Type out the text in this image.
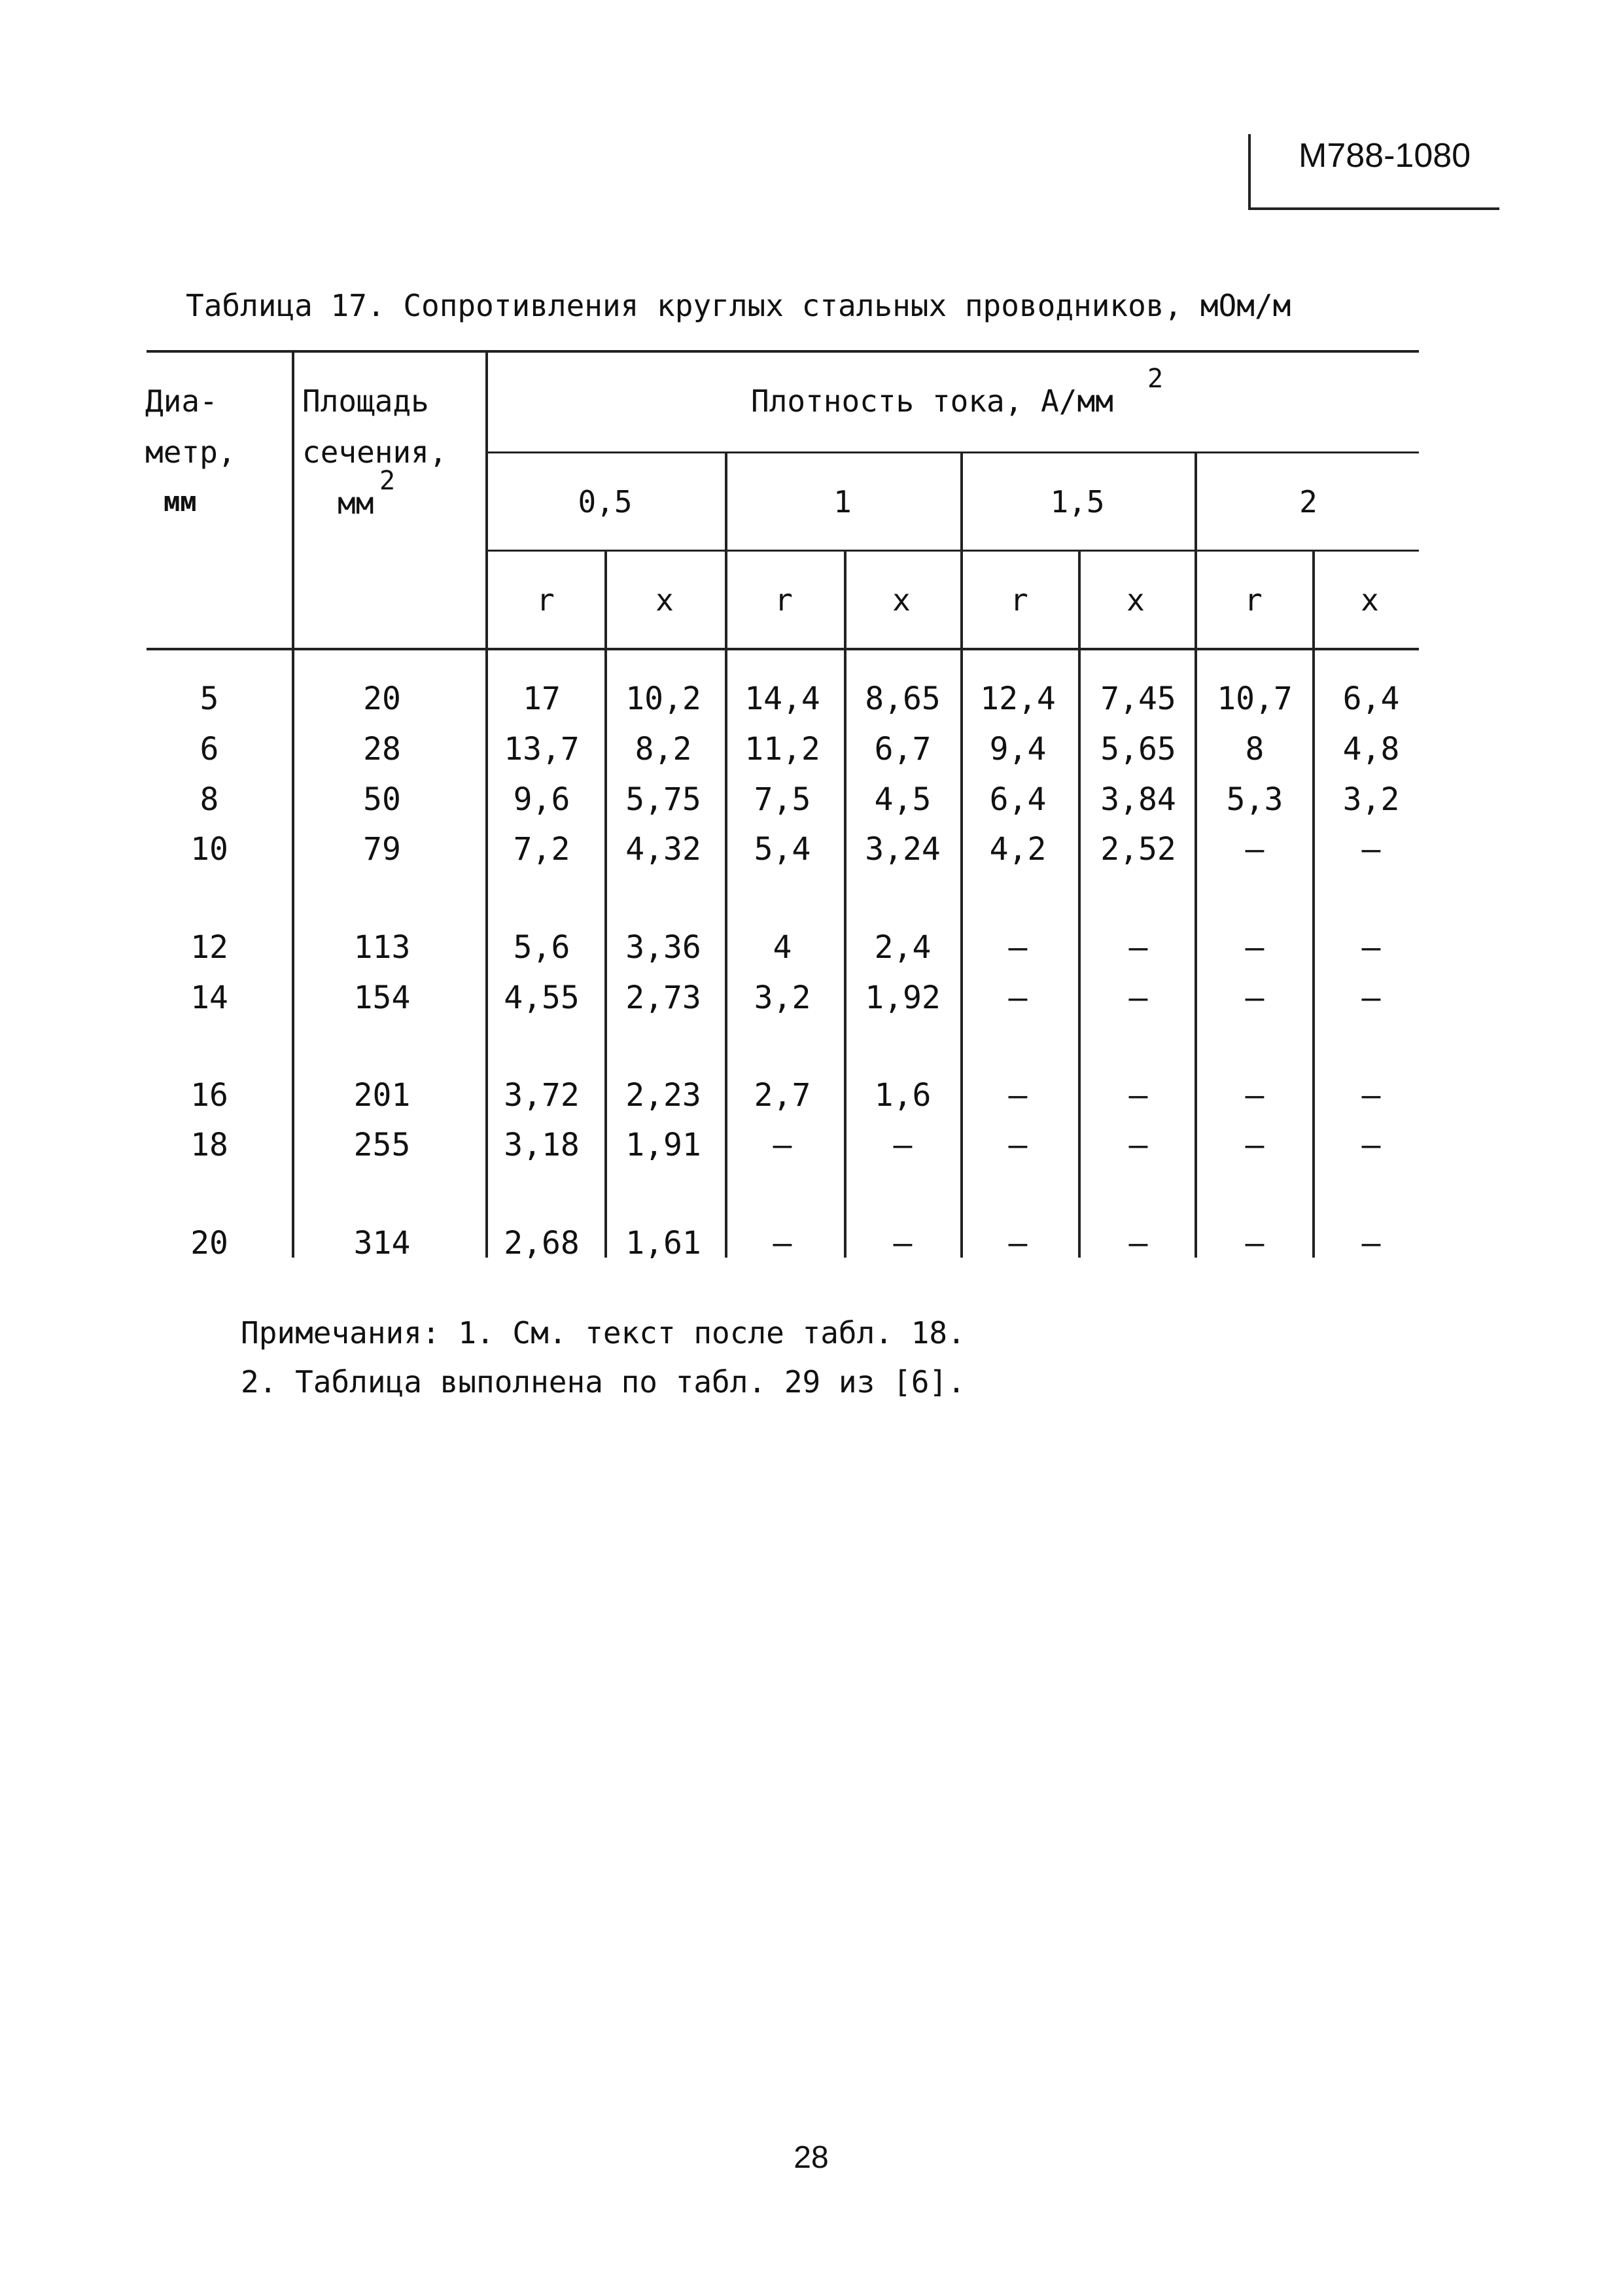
М788-1080
Таблица 17. Сопротивления круглых стальных проводников, мОм/м
Диа-
метр,
мм
Площадь
сечения,
мм
2
Плотность тока, А/мм
2
0,5	1	1,5	2
r	x	r	x	r	x	r	x
5	20	17 10,2 14,4 8,65 12,4 7,45 10,7 6,4
6	28	13,7 8,2 11,2 6,7 9,4 5,65 8	4,8
8	50	9,6 5,75 7,5 4,5 6,4 3,84 5,3 3,2
10	79	7,2 4,32 5,4 3,24 4,2 2,52 –	–
12	113	5,6 3,36 4	2,4 –	–	–	–
14	154	4,55 2,73 3,2 1,92 –	–	–	–
16	201	3,72 2,23 2,7 1,6 –	–	–	–
18	255	3,18 1,91 –	–	–	–	–	–
20	314	2,68 1,61 –	–	–	–	–	–
Примечания: 1. См. текст после табл. 18.
2. Таблица выполнена по табл. 29 из [6].
28
